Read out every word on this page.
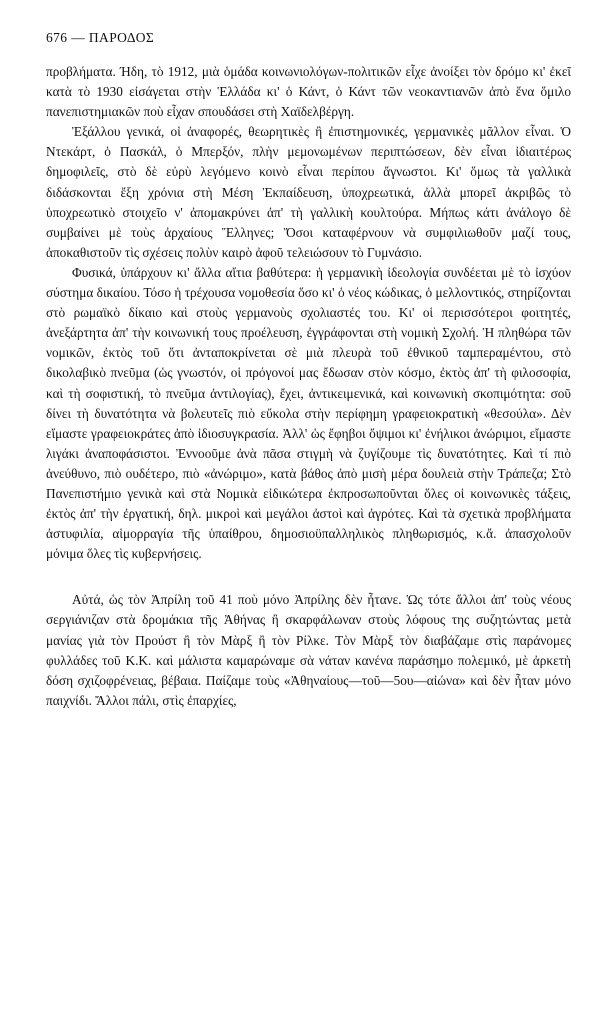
676 — ΠΑΡΟΔΟΣ

προβλήματα. Ήδη, τὸ 1912, μιὰ ὁμάδα κοινωνιολόγων-πολιτικῶν εἶχε ἀνοίξει τὸν δρόμο κι' ἐκεῖ κατὰ τὸ 1930 εἰσάγεται στὴν Ἑλλάδα κι' ὁ Κάντ, ὁ Κάντ τῶν νεοκαντιανῶν ἀπὸ ἕνα ὅμιλο πανεπιστημιακῶν ποὺ εἶχαν σπουδάσει στὴ Χαϊδελβέργη.

Ἐξάλλου γενικά, οἱ ἀναφορές, θεωρητικὲς ἢ ἐπιστημονικές, γερμανικὲς μᾶλλον εἶναι. Ὁ Ντεκάρτ, ὁ Πασκάλ, ὁ Μπερξόν, πλὴν μεμονωμένων περιπτώσεων, δὲν εἶναι ἰδιαιτέρως δημοφιλεῖς, στὸ δὲ εὐρὺ λεγόμενο κοινὸ εἶναι περίπου ἄγνωστοι. Κι' ὅμως τὰ γαλλικὰ διδάσκονται ἔξη χρόνια στὴ Μέση Ἐκπαίδευση, ὑποχρεωτικά, ἀλλὰ μπορεῖ ἀκριβῶς τὸ ὑποχρεωτικὸ στοιχεῖο ν' ἀπομακρύνει ἀπ' τὴ γαλλικὴ κουλτούρα. Μήπως κάτι ἀνάλογο δὲ συμβαίνει μὲ τοὺς ἀρχαίους Ἕλληνες; Ὅσοι καταφέρνουν νὰ συμφιλιωθοῦν μαζί τους, ἀποκαθιστοῦν τὶς σχέσεις πολὺν καιρὸ ἀφοῦ τελειώσουν τὸ Γυμνάσιο.

Φυσικά, ὑπάρχουν κι' ἄλλα αἴτια βαθύτερα: ἡ γερμανικὴ ἰδεολογία συνδέεται μὲ τὸ ἰσχύον σύστημα δικαίου. Τόσο ἡ τρέχουσα νομοθεσία ὅσο κι' ὁ νέος κώδικας, ὁ μελλοντικός, στηρίζονται στὸ ρωμαϊκὸ δίκαιο καὶ στοὺς γερμανοὺς σχολιαστές του. Κι' οἱ περισσότεροι φοιτητές, ἀνεξάρτητα ἀπ' τὴν κοινωνική τους προέλευση, ἐγγράφονται στὴ νομικὴ Σχολή. Ἡ πληθώρα τῶν νομικῶν, ἐκτὸς τοῦ ὅτι ἀνταποκρίνεται σὲ μιὰ πλευρὰ τοῦ ἐθνικοῦ ταμπεραμέντου, στὸ δικολαβικὸ πνεῦμα (ὡς γνωστόν, οἱ πρόγονοί μας ἔδωσαν στὸν κόσμο, ἐκτὸς ἀπ' τὴ φιλοσοφία, καὶ τὴ σοφιστική, τὸ πνεῦμα ἀντιλογίας), ἔχει, ἀντικειμενικά, καὶ κοινωνικὴ σκοπιμότητα: σοῦ δίνει τὴ δυνατότητα νὰ βολευτεῖς πιὸ εὔκολα στὴν περίφημη γραφειοκρατικὴ «θεσούλα». Δὲν εἴμαστε γραφειοκράτες ἀπὸ ἰδιοσυγκρασία. Ἀλλ' ὡς ἔφηβοι ὄψιμοι κι' ἐνήλικοι ἀνώριμοι, εἴμαστε λιγάκι ἀναποφάσιστοι. Ἐννοοῦμε ἀνὰ πᾶσα στιγμὴ νὰ ζυγίζουμε τὶς δυνατότητες. Καὶ τί πιὸ ἀνεύθυνο, πιὸ ουδέτερο, πιὸ «ἀνώριμο», κατὰ βάθος ἀπὸ μισὴ μέρα δουλειὰ στὴν Τράπεζα; Στὸ Πανεπιστήμιο γενικὰ καὶ στὰ Νομικὰ εἰδικώτερα ἐκπροσωποῦνται ὅλες οἱ κοινωνικὲς τάξεις, ἐκτὸς ἀπ' τὴν ἐργατική, δηλ. μικροὶ καὶ μεγάλοι ἀστοὶ καὶ ἀγρότες. Καὶ τὰ σχετικὰ προβλήματα ἀστυφιλία, αἱμορραγία τῆς ὑπαίθρου, δημοσιοϋπαλληλικὸς πληθωρισμός, κ.ἄ. ἀπασχολοῦν μόνιμα ὅλες τὶς κυβερνήσεις.

Αὐτά, ὡς τὸν Ἀπρίλη τοῦ 41 ποὺ μόνο Ἀπρίλης δὲν ἦτανε. Ὡς τότε ἄλλοι ἀπ' τοὺς νέους σεργιάνιζαν στὰ δρομάκια τῆς Ἀθήνας ἢ σκαρφάλωναν στοὺς λόφους της συζητώντας μετὰ μανίας γιὰ τὸν Προύστ ἢ τὸν Μὰρξ ἢ τὸν Ρίλκε. Τὸν Μὰρξ τὸν διαβάζαμε στὶς παράνομες φυλλάδες τοῦ Κ.Κ. καὶ μάλιστα καμαρώναμε σὰ νάταν κανένα παράσημο πολεμικό, μὲ ἀρκετὴ δόση σχιζοφρένειας, βέβαια. Παίζαμε τοὺς «Ἀθηναίους—τοῦ—5ου—αἰώνα» καὶ δὲν ἦταν μόνο παιχνίδι. Ἄλλοι πάλι, στὶς ἐπαρχίες,
